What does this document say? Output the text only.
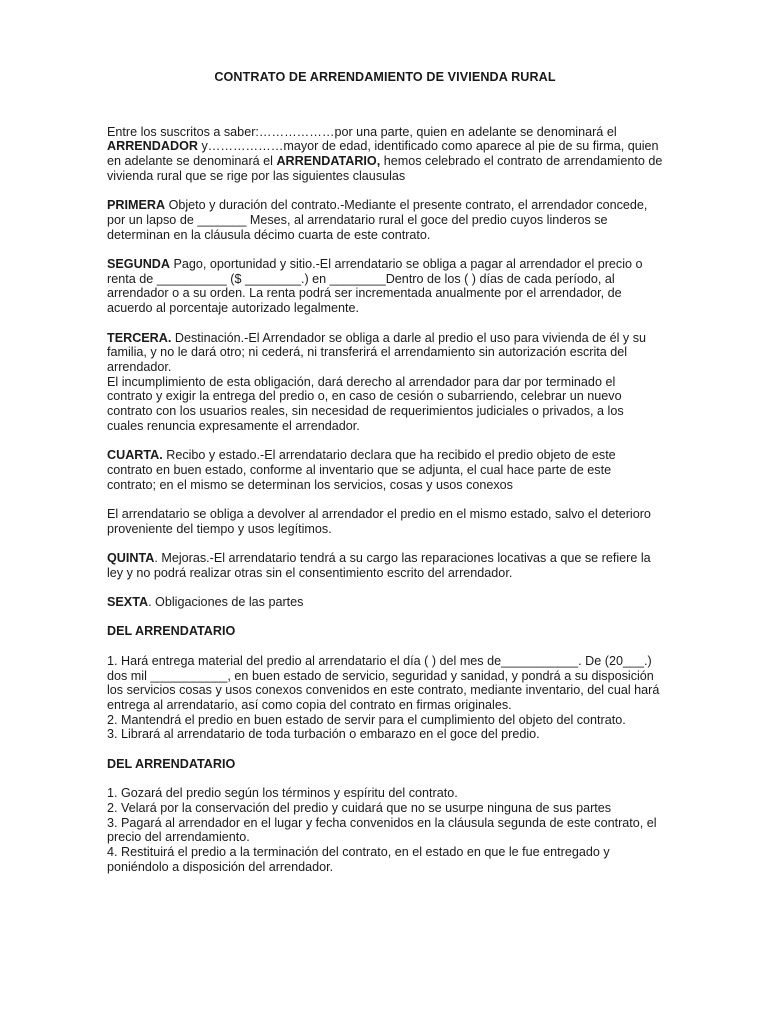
CONTRATO DE ARRENDAMIENTO DE VIVIENDA RURAL

Entre los suscritos a saber:………………por una parte, quien en adelante se denominará el ARRENDADOR y………………mayor de edad, identificado como aparece al pie de su firma, quien en adelante se denominará el ARRENDATARIO, hemos celebrado el contrato de arrendamiento de vivienda rural que se rige por las siguientes clausulas

PRIMERA Objeto y duración del contrato.-Mediante el presente contrato, el arrendador concede, por un lapso de _______ Meses, al arrendatario rural el goce del predio cuyos linderos se determinan en la cláusula décimo cuarta de este contrato.

SEGUNDA Pago, oportunidad y sitio.-El arrendatario se obliga a pagar al arrendador el precio o renta de __________ ($ ________.) en ________Dentro de los ( ) días de cada período, al arrendador o a su orden. La renta podrá ser incrementada anualmente por el arrendador, de acuerdo al porcentaje autorizado legalmente.

TERCERA. Destinación.-El Arrendador se obliga a darle al predio el uso para vivienda de él y su familia, y no le dará otro; ni cederá, ni transferirá el arrendamiento sin autorización escrita del arrendador.

El incumplimiento de esta obligación, dará derecho al arrendador para dar por terminado el contrato y exigir la entrega del predio o, en caso de cesión o subarriendo, celebrar un nuevo contrato con los usuarios reales, sin necesidad de requerimientos judiciales o privados, a los cuales renuncia expresamente el arrendador.

CUARTA. Recibo y estado.-El arrendatario declara que ha recibido el predio objeto de este contrato en buen estado, conforme al inventario que se adjunta, el cual hace parte de este contrato; en el mismo se determinan los servicios, cosas y usos conexos

El arrendatario se obliga a devolver al arrendador el predio en el mismo estado, salvo el deterioro proveniente del tiempo y usos legítimos.

QUINTA. Mejoras.-El arrendatario tendrá a su cargo las reparaciones locativas a que se refiere la ley y no podrá realizar otras sin el consentimiento escrito del arrendador.

SEXTA. Obligaciones de las partes

DEL ARRENDATARIO

1. Hará entrega material del predio al arrendatario el día ( ) del mes de___________. De (20___.) dos mil ___________, en buen estado de servicio, seguridad y sanidad, y pondrá a su disposición los servicios cosas y usos conexos convenidos en este contrato, mediante inventario, del cual hará entrega al arrendatario, así como copia del contrato en firmas originales.

2. Mantendrá el predio en buen estado de servir para el cumplimiento del objeto del contrato.

3. Librará al arrendatario de toda turbación o embarazo en el goce del predio.

DEL ARRENDATARIO

1. Gozará del predio según los términos y espíritu del contrato.

2. Velará por la conservación del predio y cuidará que no se usurpe ninguna de sus partes

3. Pagará al arrendador en el lugar y fecha convenidos en la cláusula segunda de este contrato, el precio del arrendamiento.

4. Restituirá el predio a la terminación del contrato, en el estado en que le fue entregado y poniéndolo a disposición del arrendador.
